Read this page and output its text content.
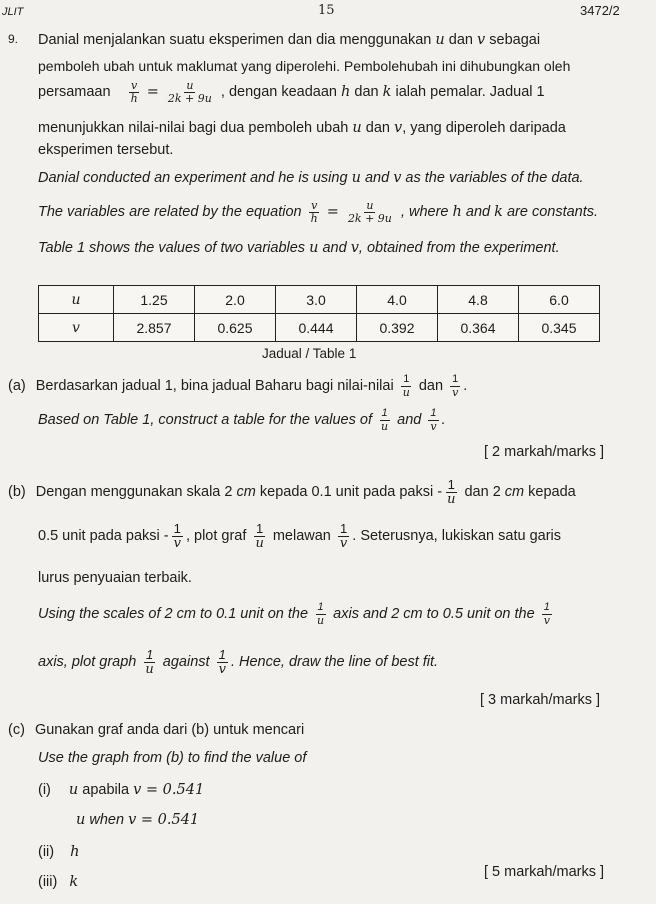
JLIT	15	3472/2
9. Danial menjalankan suatu eksperimen dan dia menggunakan u dan v sebagai
pemboleh ubah untuk maklumat yang diperolehi. Pembolehubah ini dihubungkan oleh
persamaan $\frac{v}{h} = \frac{u}{2k + 9u}$ , dengan keadaan h dan k ialah pemalar. Jadual 1
menunjukkan nilai-nilai bagi dua pemboleh ubah u dan v, yang diperoleh daripada
eksperimen tersebut.
Danial conducted an experiment and he is using u and v as the variables of the data.
The variables are related by the equation $\frac{v}{h} = \frac{u}{2k + 9u}$ , where h and k are constants.
Table 1 shows the values of two variables u and v, obtained from the experiment.
u	1.25	2.0	3.0	4.0	4.8	6.0
v	2.857	0.625	0.444	0.392	0.364	0.345
Jadual / Table 1
(a) Berdasarkan jadual 1, bina jadual Baharu bagi nilai-nilai $\frac{1}{u}$ dan $\frac{1}{v}$ .
Based on Table 1, construct a table for the values of $\frac{1}{u}$ and $\frac{1}{v}$ .
[ 2 markah/marks ]
(b) Dengan menggunakan skala 2 cm kepada 0.1 unit pada paksi - $\frac{1}{u}$ dan 2 cm kepada
0.5 unit pada paksi - $\frac{1}{v}$ , plot graf $\frac{1}{u}$ melawan $\frac{1}{v}$ . Seterusnya, lukiskan satu garis
lurus penyuaian terbaik.
Using the scales of 2 cm to 0.1 unit on the $\frac{1}{u}$ axis and 2 cm to 0.5 unit on the $\frac{1}{v}$
axis, plot graph $\frac{1}{u}$ against $\frac{1}{v}$ . Hence, draw the line of best fit.
[ 3 markah/marks ]
(c) Gunakan graf anda dari (b) untuk mencari
Use the graph from (b) to find the value of
(i) u apabila v = 0.541
u when v = 0.541
(ii) h
(iii) k
[ 5 markah/marks ]
